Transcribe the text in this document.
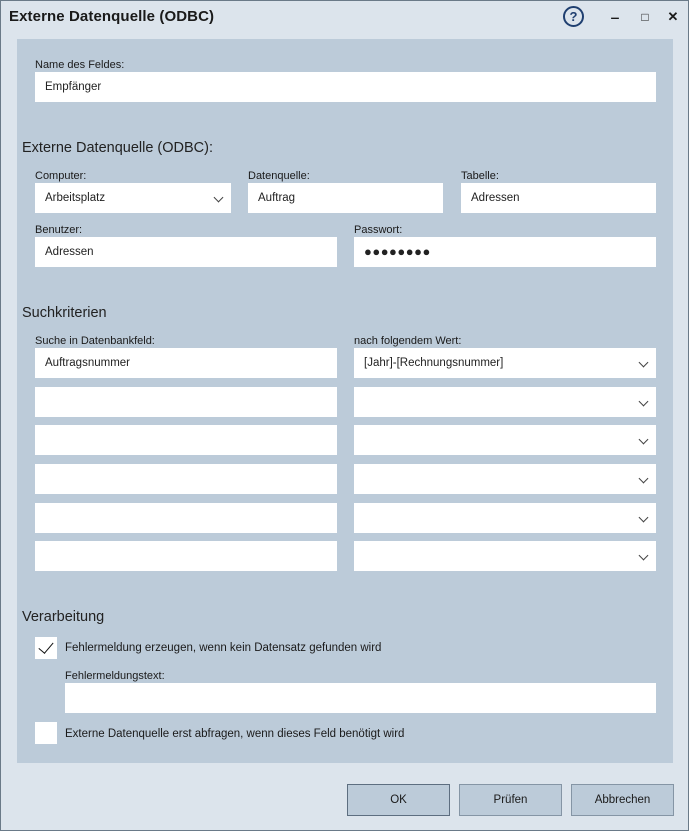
Externe Datenquelle (ODBC)	?	‒	□	✕
Name des Feldes:
Empfänger
Externe Datenquelle (ODBC):
Computer:
Arbeitsplatz
Datenquelle:
Auftrag
Tabelle:
Adressen
Benutzer:
Adressen
Passwort:
●●●●●●●●
Suchkriterien
Suche in Datenbankfeld:	nach folgendem Wert:
Auftragsnummer	[Jahr]-[Rechnungsnummer]
Verarbeitung
Fehlermeldung erzeugen, wenn kein Datensatz gefunden wird
Fehlermeldungstext:
Externe Datenquelle erst abfragen, wenn dieses Feld benötigt wird
OK	Prüfen	Abbrechen
